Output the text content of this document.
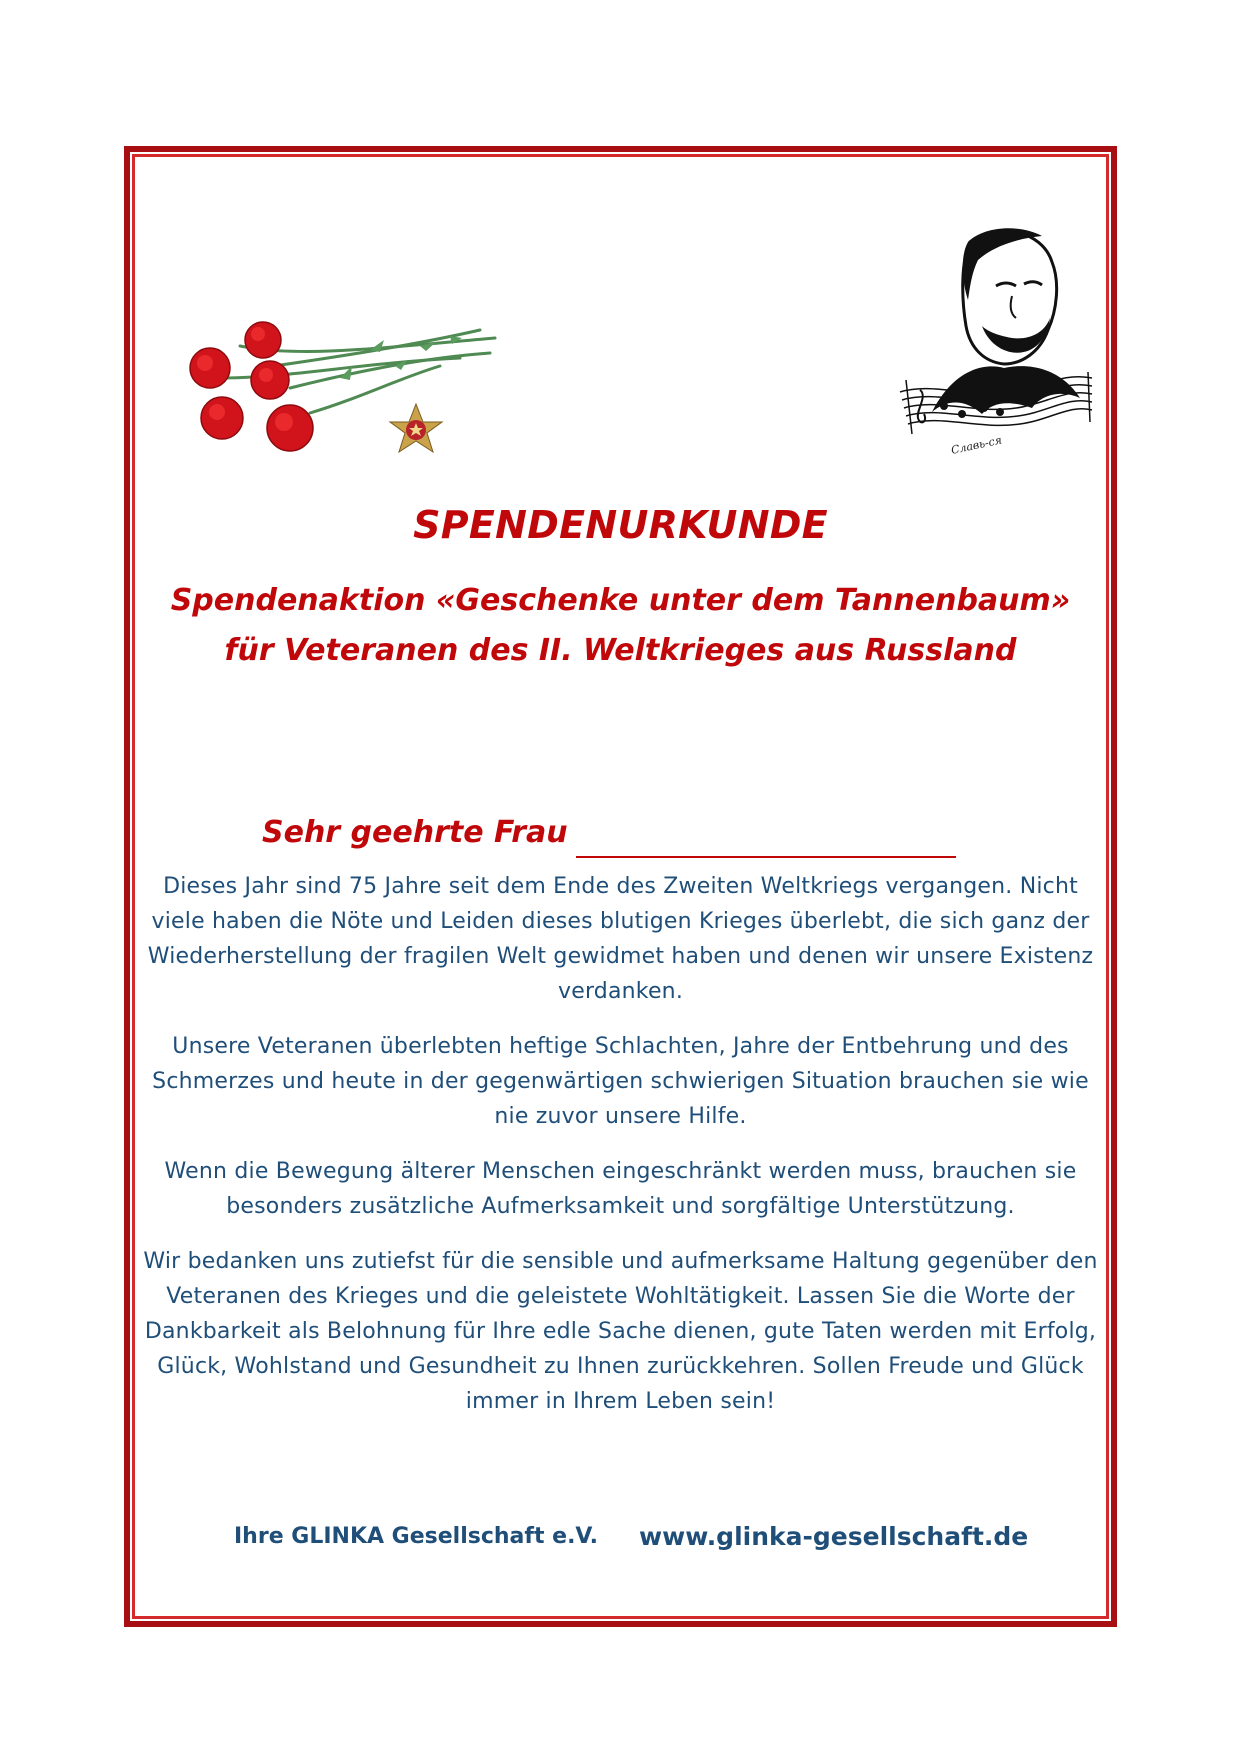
Славь-ся
SPENDENURKUNDE
Spendenaktion «Geschenke unter dem Tannenbaum» für Veteranen des II. Weltkrieges aus Russland
Sehr geehrte Frau

Dieses Jahr sind 75 Jahre seit dem Ende des Zweiten Weltkriegs vergangen. Nicht viele haben die Nöte und Leiden dieses blutigen Krieges überlebt, die sich ganz der Wiederherstellung der fragilen Welt gewidmet haben und denen wir unsere Existenz verdanken.

Unsere Veteranen überlebten heftige Schlachten, Jahre der Entbehrung und des Schmerzes und heute in der gegenwärtigen schwierigen Situation brauchen sie wie nie zuvor unsere Hilfe.

Wenn die Bewegung älterer Menschen eingeschränkt werden muss, brauchen sie besonders zusätzliche Aufmerksamkeit und sorgfältige Unterstützung.

Wir bedanken uns zutiefst für die sensible und aufmerksame Haltung gegenüber den Veteranen des Krieges und die geleistete Wohltätigkeit. Lassen Sie die Worte der Dankbarkeit als Belohnung für Ihre edle Sache dienen, gute Taten werden mit Erfolg, Glück, Wohlstand und Gesundheit zu Ihnen zurückkehren. Sollen Freude und Glück immer in Ihrem Leben sein!

Ihre GLINKA Gesellschaft e.V. www.glinka-gesellschaft.de
